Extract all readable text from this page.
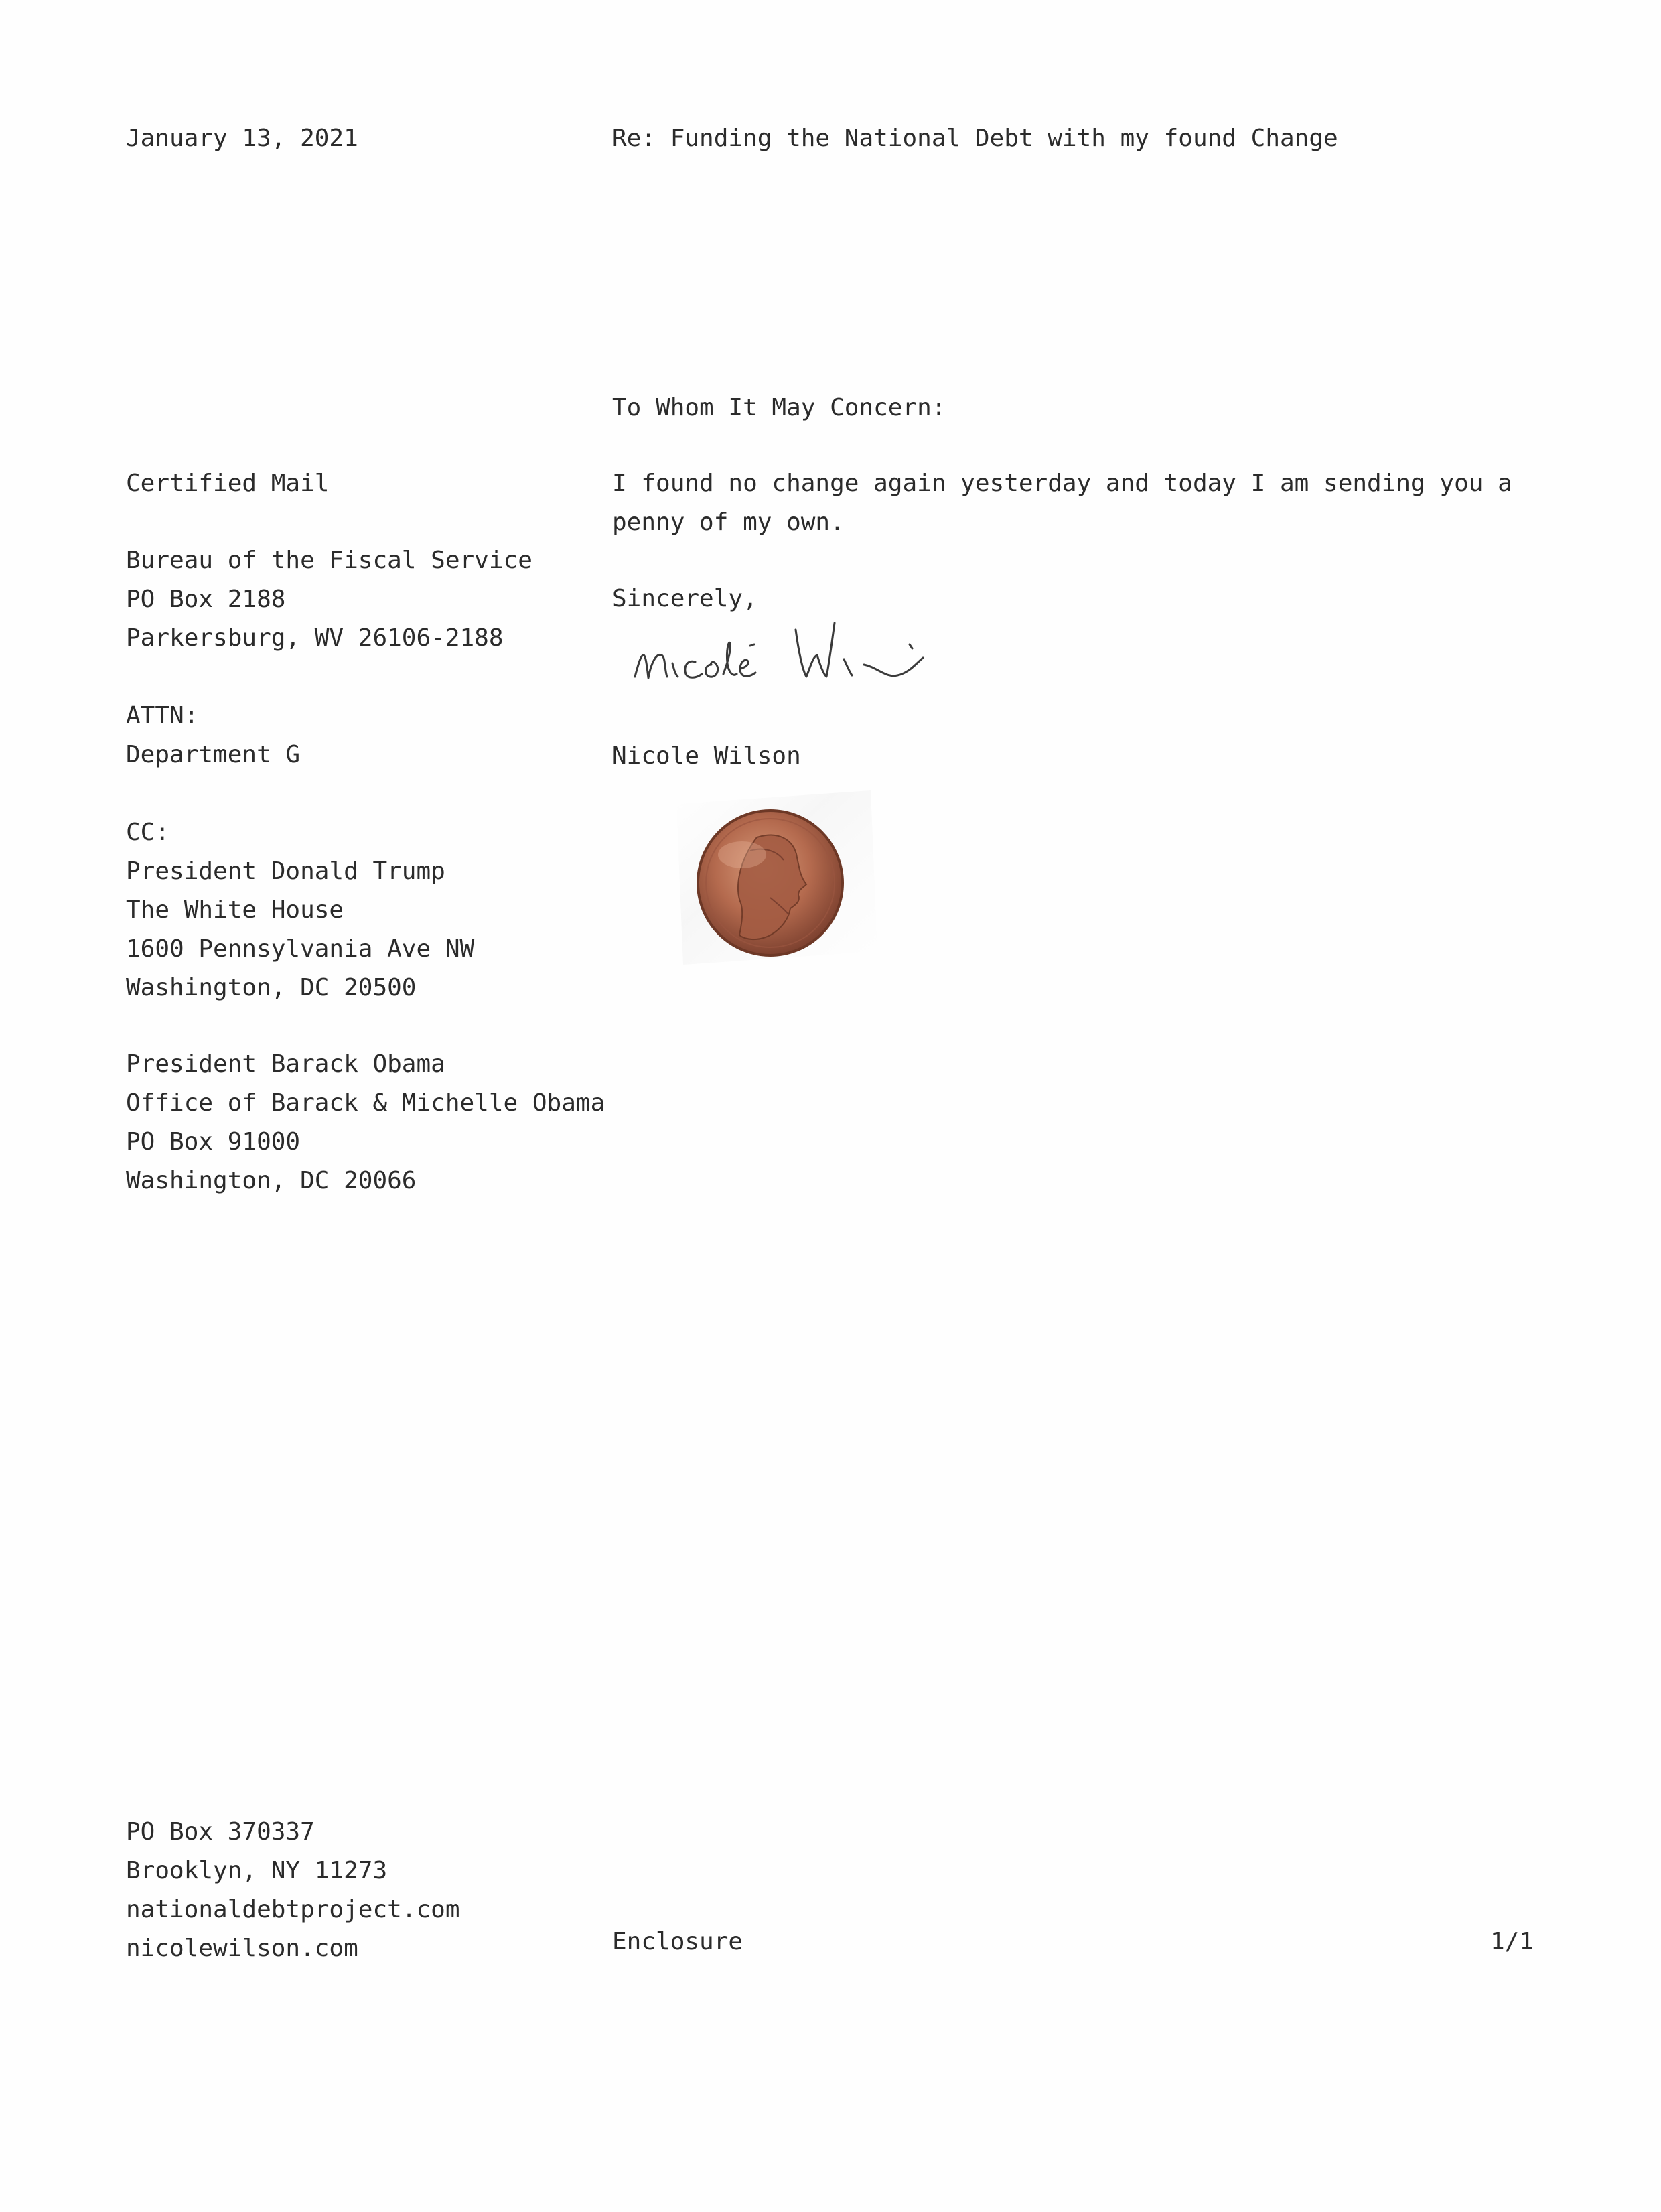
January 13, 2021	Re: Funding the National Debt with my found Change
To Whom It May Concern:
Certified Mail
Bureau of the Fiscal Service
PO Box 2188
Parkersburg, WV 26106-2188
ATTN:
Department G
CC:
President Donald Trump
The White House
1600 Pennsylvania Ave NW
Washington, DC 20500
President Barack Obama
Office of Barack & Michelle Obama
PO Box 91000
Washington, DC 20066
I found no change again yesterday and today I am sending you a
penny of my own.
Sincerely,
Nicole Wilson
PO Box 370337
Brooklyn, NY 11273
nationaldebtproject.com
nicolewilson.com	Enclosure	1/1
